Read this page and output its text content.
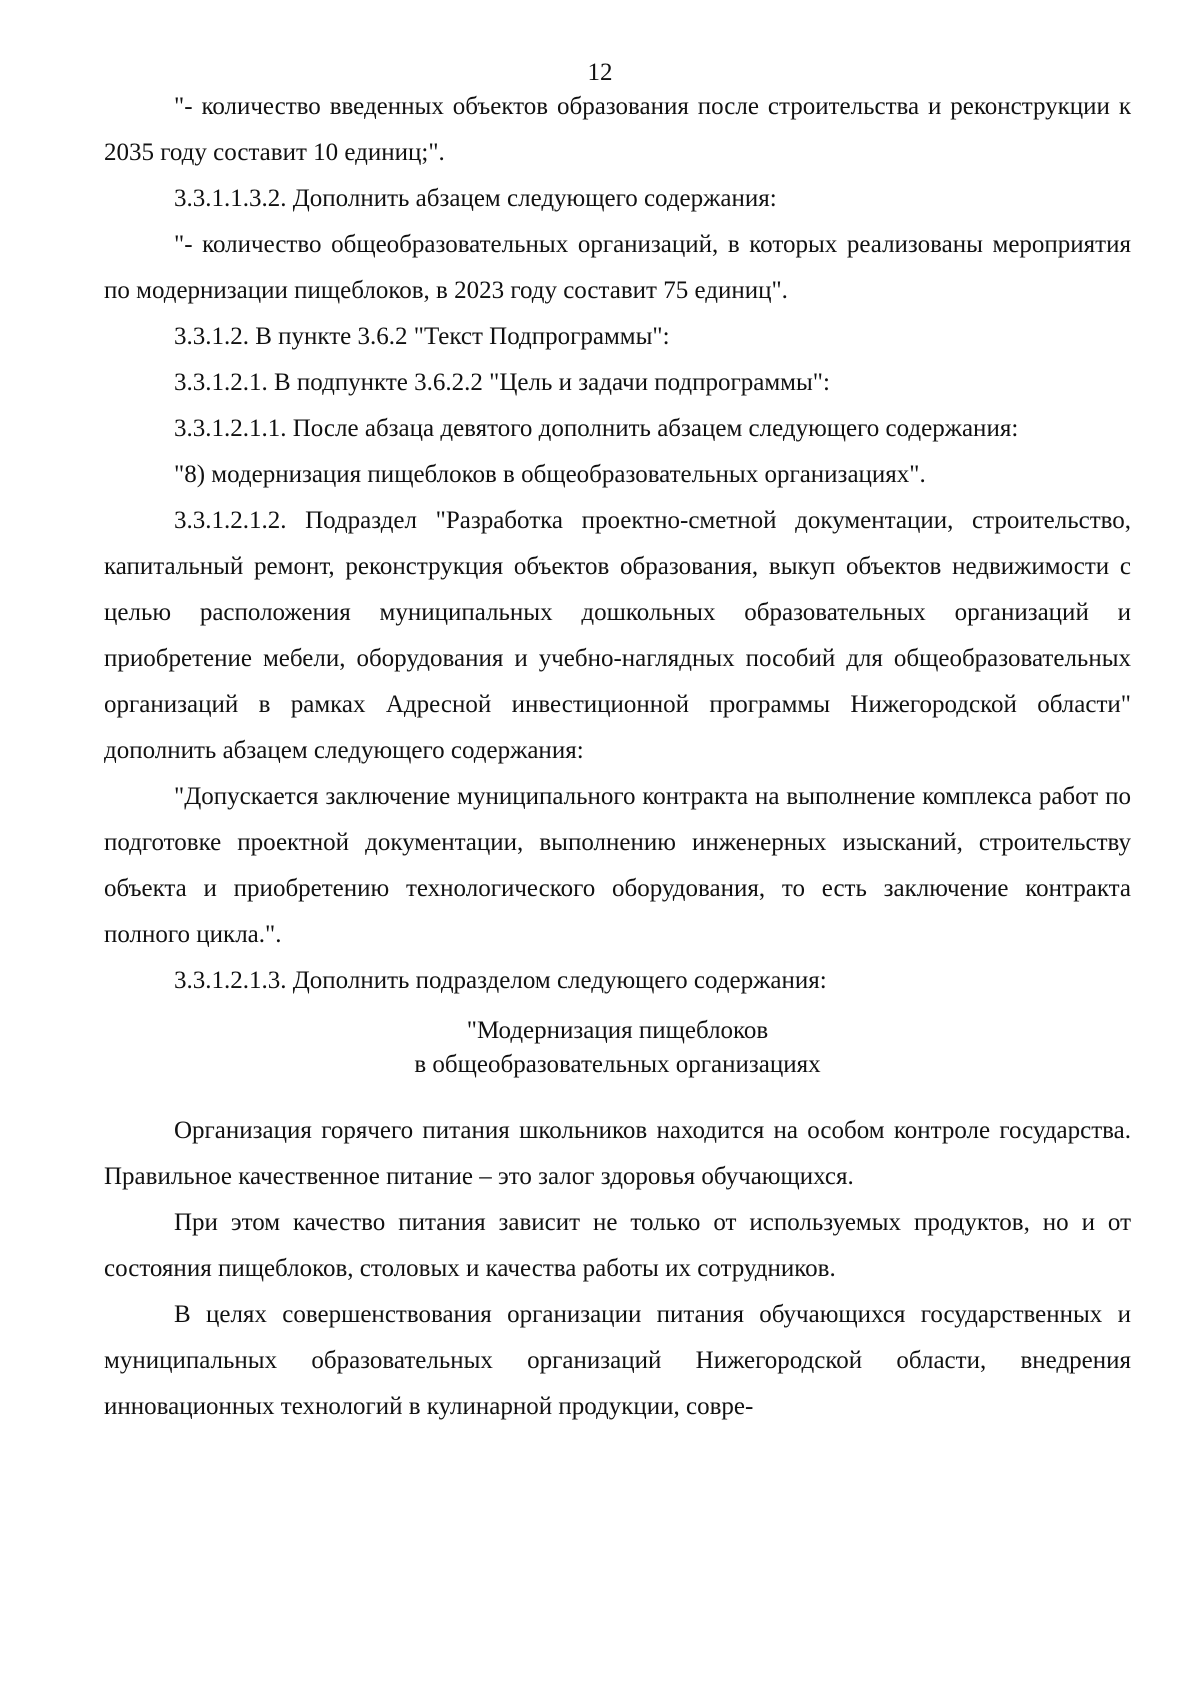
12

"- количество введенных объектов образования после строительства и реконструкции к 2035 году составит 10 единиц;".

3.3.1.1.3.2. Дополнить абзацем следующего содержания:

"- количество общеобразовательных организаций, в которых реализованы мероприятия по модернизации пищеблоков, в 2023 году составит 75 единиц".

3.3.1.2. В пункте 3.6.2 "Текст Подпрограммы":

3.3.1.2.1. В подпункте 3.6.2.2 "Цель и задачи подпрограммы":

3.3.1.2.1.1. После абзаца девятого дополнить абзацем следующего содержания:

"8) модернизация пищеблоков в общеобразовательных организациях".

3.3.1.2.1.2. Подраздел "Разработка проектно-сметной документации, строительство, капитальный ремонт, реконструкция объектов образования, выкуп объектов недвижимости с целью расположения муниципальных дошкольных образовательных организаций и приобретение мебели, оборудования и учебно-наглядных пособий для общеобразовательных организаций в рамках Адресной инвестиционной программы Нижегородской области" дополнить абзацем следующего содержания:

"Допускается заключение муниципального контракта на выполнение комплекса работ по подготовке проектной документации, выполнению инженерных изысканий, строительству объекта и приобретению технологического оборудования, то есть заключение контракта полного цикла.".

3.3.1.2.1.3. Дополнить подразделом следующего содержания:

"Модернизация пищеблоков
в общеобразовательных организациях

Организация горячего питания школьников находится на особом контроле государства. Правильное качественное питание – это залог здоровья обучающихся.

При этом качество питания зависит не только от используемых продуктов, но и от состояния пищеблоков, столовых и качества работы их сотрудников.

В целях совершенствования организации питания обучающихся государственных и муниципальных образовательных организаций Нижегородской области, внедрения инновационных технологий в кулинарной продукции, совре-
